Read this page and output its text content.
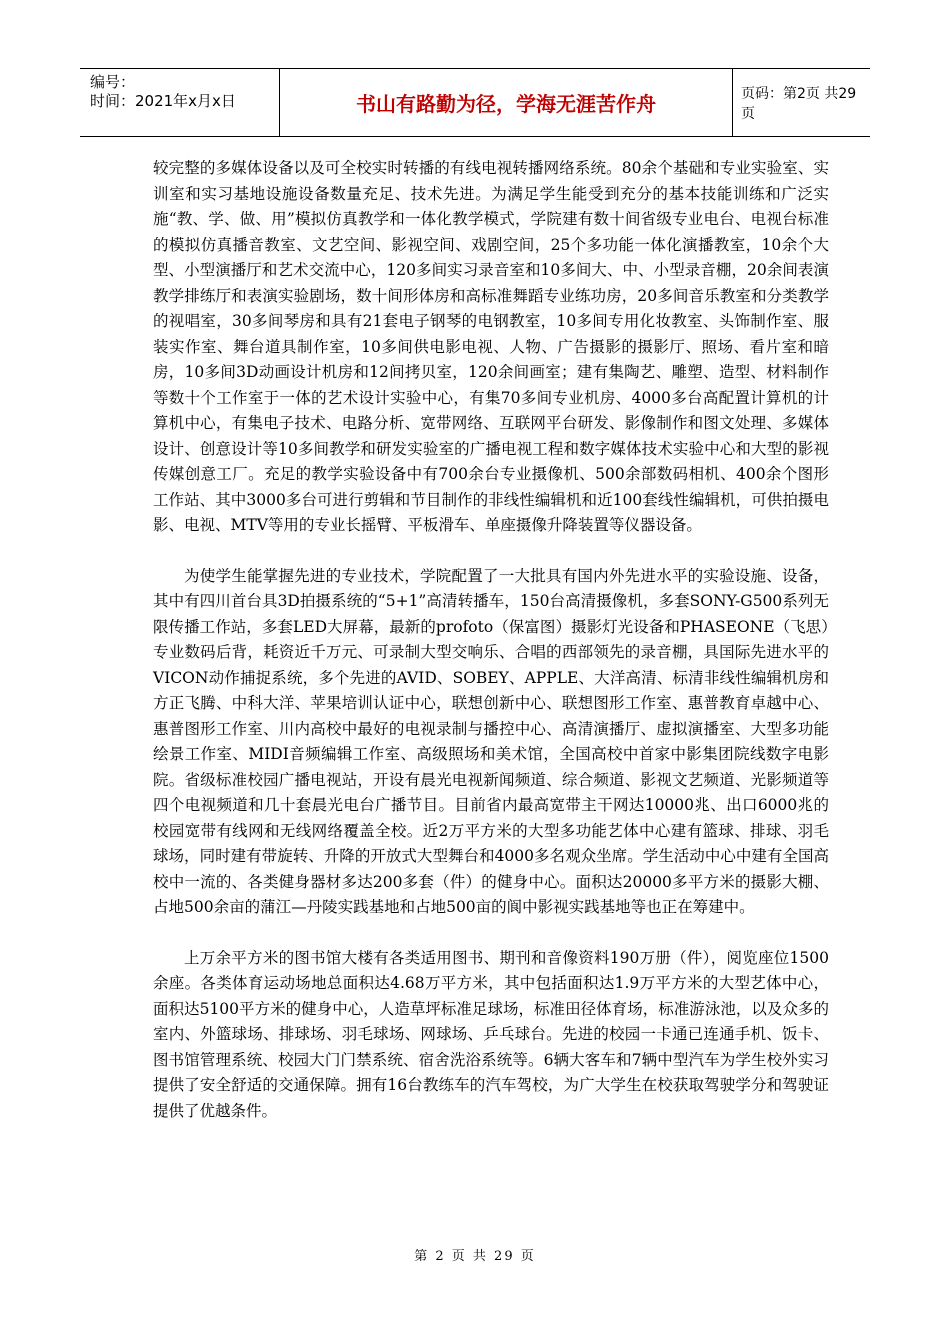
编号：
时间：2021年x月x日	书山有路勤为径，学海无涯苦作舟	页码：第2页 共29页

较完整的多媒体设备以及可全校实时转播的有线电视转播网络系统。80余个基础和专业实验室、实训室和实习基地设施设备数量充足、技术先进。为满足学生能受到充分的基本技能训练和广泛实施“教、学、做、用”模拟仿真教学和一体化教学模式，学院建有数十间省级专业电台、电视台标准的模拟仿真播音教室、文艺空间、影视空间、戏剧空间，25个多功能一体化演播教室，10余个大型、小型演播厅和艺术交流中心，120多间实习录音室和10多间大、中、小型录音棚，20余间表演教学排练厅和表演实验剧场，数十间形体房和高标准舞蹈专业练功房，20多间音乐教室和分类教学的视唱室，30多间琴房和具有21套电子钢琴的电钢教室，10多间专用化妆教室、头饰制作室、服装实作室、舞台道具制作室，10多间供电影电视、人物、广告摄影的摄影厅、照场、看片室和暗房，10多间3D动画设计机房和12间拷贝室，120余间画室；建有集陶艺、雕塑、造型、材料制作等数十个工作室于一体的艺术设计实验中心，有集70多间专业机房、4000多台高配置计算机的计算机中心，有集电子技术、电路分析、宽带网络、互联网平台研发、影像制作和图文处理、多媒体设计、创意设计等10多间教学和研发实验室的广播电视工程和数字媒体技术实验中心和大型的影视传媒创意工厂。充足的教学实验设备中有700余台专业摄像机、500余部数码相机、400余个图形工作站、其中3000多台可进行剪辑和节目制作的非线性编辑机和近100套线性编辑机，可供拍摄电影、电视、MTV等用的专业长摇臂、平板滑车、单座摄像升降装置等仪器设备。

为使学生能掌握先进的专业技术，学院配置了一大批具有国内外先进水平的实验设施、设备，其中有四川首台具3D拍摄系统的“5+1”高清转播车，150台高清摄像机，多套SONY-G500系列无限传播工作站，多套LED大屏幕，最新的profoto（保富图）摄影灯光设备和PHASEONE（飞思）专业数码后背，耗资近千万元、可录制大型交响乐、合唱的西部领先的录音棚，具国际先进水平的VICON动作捕捉系统，多个先进的AVID、SOBEY、APPLE、大洋高清、标清非线性编辑机房和方正飞腾、中科大洋、苹果培训认证中心，联想创新中心、联想图形工作室、惠普教育卓越中心、惠普图形工作室、川内高校中最好的电视录制与播控中心、高清演播厅、虚拟演播室、大型多功能绘景工作室、MIDI音频编辑工作室、高级照场和美术馆，全国高校中首家中影集团院线数字电影院。省级标准校园广播电视站，开设有晨光电视新闻频道、综合频道、影视文艺频道、光影频道等四个电视频道和几十套晨光电台广播节目。目前省内最高宽带主干网达10000兆、出口6000兆的校园宽带有线网和无线网络覆盖全校。近2万平方米的大型多功能艺体中心建有篮球、排球、羽毛球场，同时建有带旋转、升降的开放式大型舞台和4000多名观众坐席。学生活动中心中建有全国高校中一流的、各类健身器材多达200多套（件）的健身中心。面积达20000多平方米的摄影大棚、占地500余亩的蒲江—丹陵实践基地和占地500亩的阆中影视实践基地等也正在筹建中。

上万余平方米的图书馆大楼有各类适用图书、期刊和音像资料190万册（件），阅览座位1500余座。各类体育运动场地总面积达4.68万平方米，其中包括面积达1.9万平方米的大型艺体中心，面积达5100平方米的健身中心，人造草坪标准足球场，标准田径体育场，标准游泳池，以及众多的室内、外篮球场、排球场、羽毛球场、网球场、乒乓球台。先进的校园一卡通已连通手机、饭卡、图书馆管理系统、校园大门门禁系统、宿舍洗浴系统等。6辆大客车和7辆中型汽车为学生校外实习提供了安全舒适的交通保障。拥有16台教练车的汽车驾校，为广大学生在校获取驾驶学分和驾驶证提供了优越条件。

第 2 页 共 29 页
